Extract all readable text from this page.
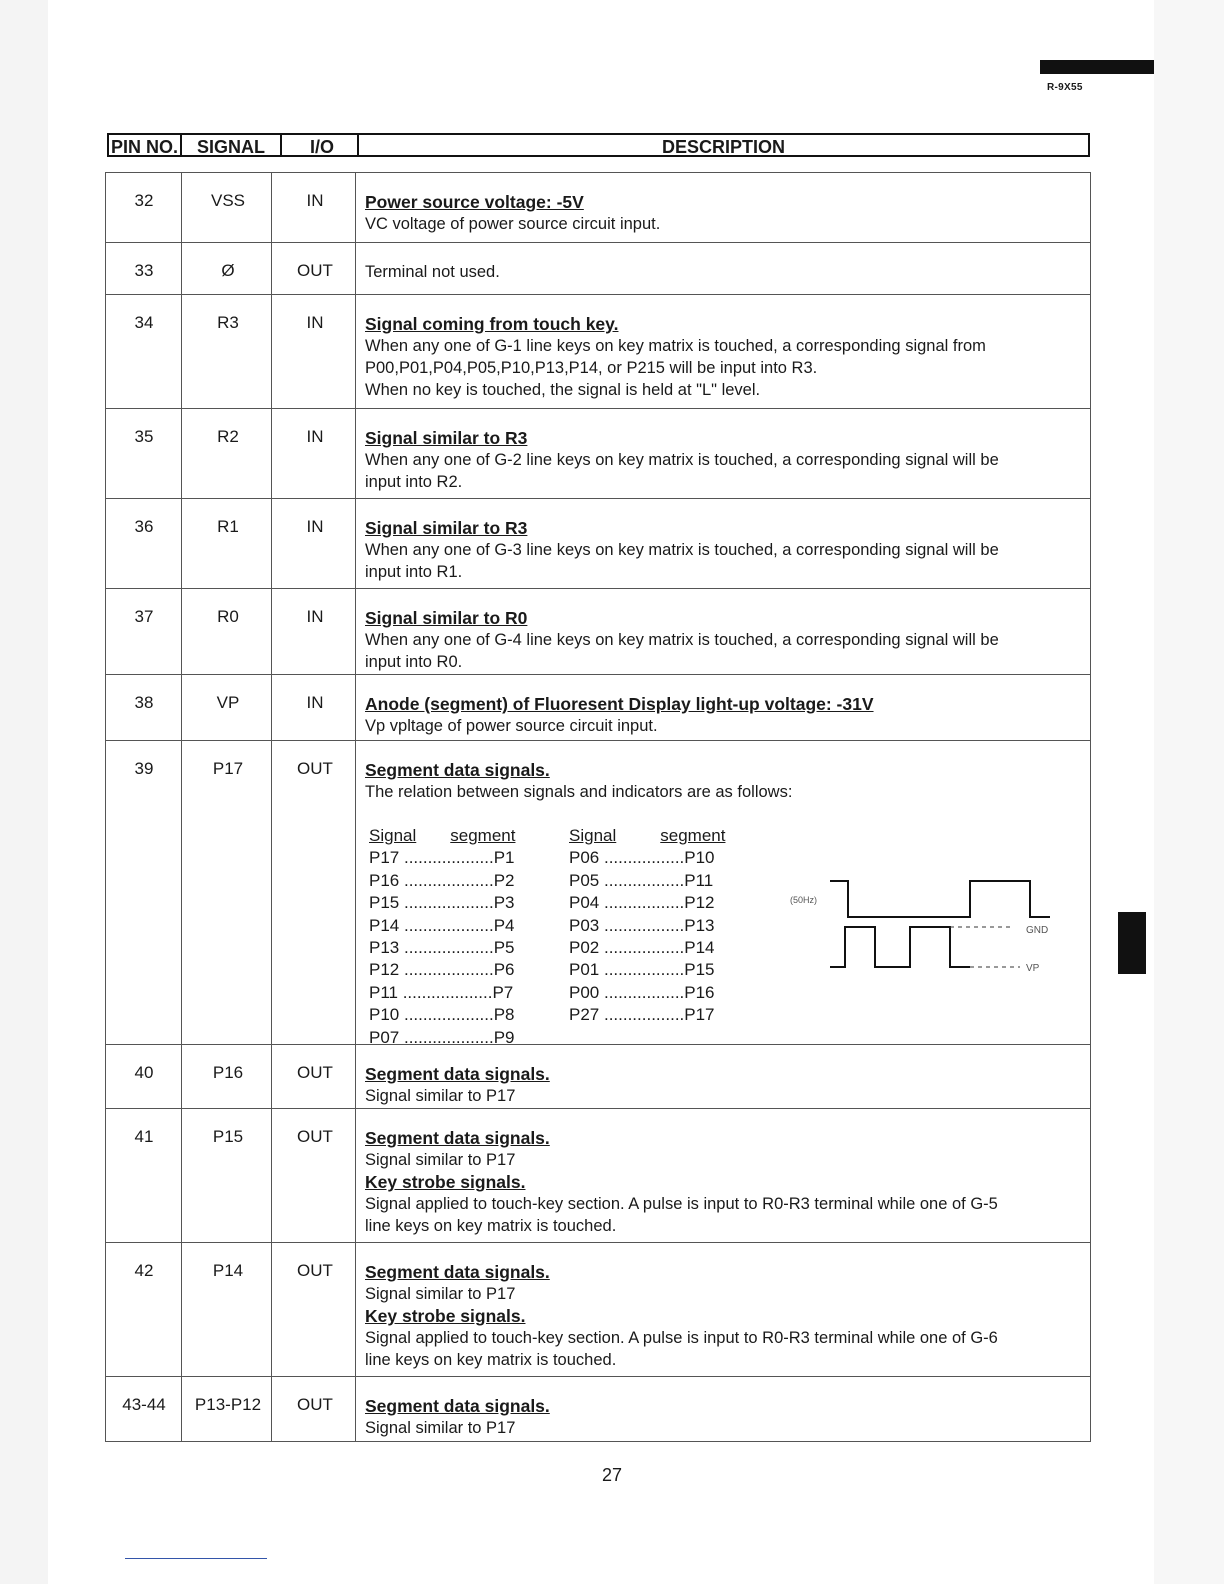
R-9X55
PIN NO.	SIGNAL	I/O	DESCRIPTION
32	VSS	IN	Power source voltage: -5V
VC voltage of power source circuit input.
33	Ø	OUT	Terminal not used.
34	R3	IN	Signal coming from touch key.
When any one of G-1 line keys on key matrix is touched, a corresponding signal from
P00,P01,P04,P05,P10,P13,P14, or P215 will be input into R3.
When no key is touched, the signal is held at "L" level.
35	R2	IN	Signal similar to R3
When any one of G-2 line keys on key matrix is touched, a corresponding signal will be
input into R2.
36	R1	IN	Signal similar to R3
When any one of G-3 line keys on key matrix is touched, a corresponding signal will be
input into R1.
37	R0	IN	Signal similar to R0
When any one of G-4 line keys on key matrix is touched, a corresponding signal will be
input into R0.
38	VP	IN	Anode (segment) of Fluoresent Display light-up voltage: -31V
Vp vpltage of power source circuit input.
39	P17	OUT	Segment data signals.
The relation between signals and indicators are as follows:
Signal segment
P17 ...................P1
P16 ...................P2
P15 ...................P3
P14 ...................P4
P13 ...................P5
P12 ...................P6
P11 ...................P7
P10 ...................P8
P07 ...................P9
Signal	segment
P06 .................P10
P05 .................P11
P04 .................P12
P03 .................P13
P02 .................P14
P01 .................P15
P00 .................P16
P27 .................P17
(50Hz)
GND
VP
40	P16	OUT	Segment data signals.
Signal similar to P17
41	P15	OUT	Segment data signals.
Signal similar to P17
Key strobe signals.
Signal applied to touch-key section. A pulse is input to R0-R3 terminal while one of G-5
line keys on key matrix is touched.
42	P14	OUT	Segment data signals.
Signal similar to P17
Key strobe signals.
Signal applied to touch-key section. A pulse is input to R0-R3 terminal while one of G-6
line keys on key matrix is touched.
43-44	P13-P12	OUT	Segment data signals.
Signal similar to P17
27
